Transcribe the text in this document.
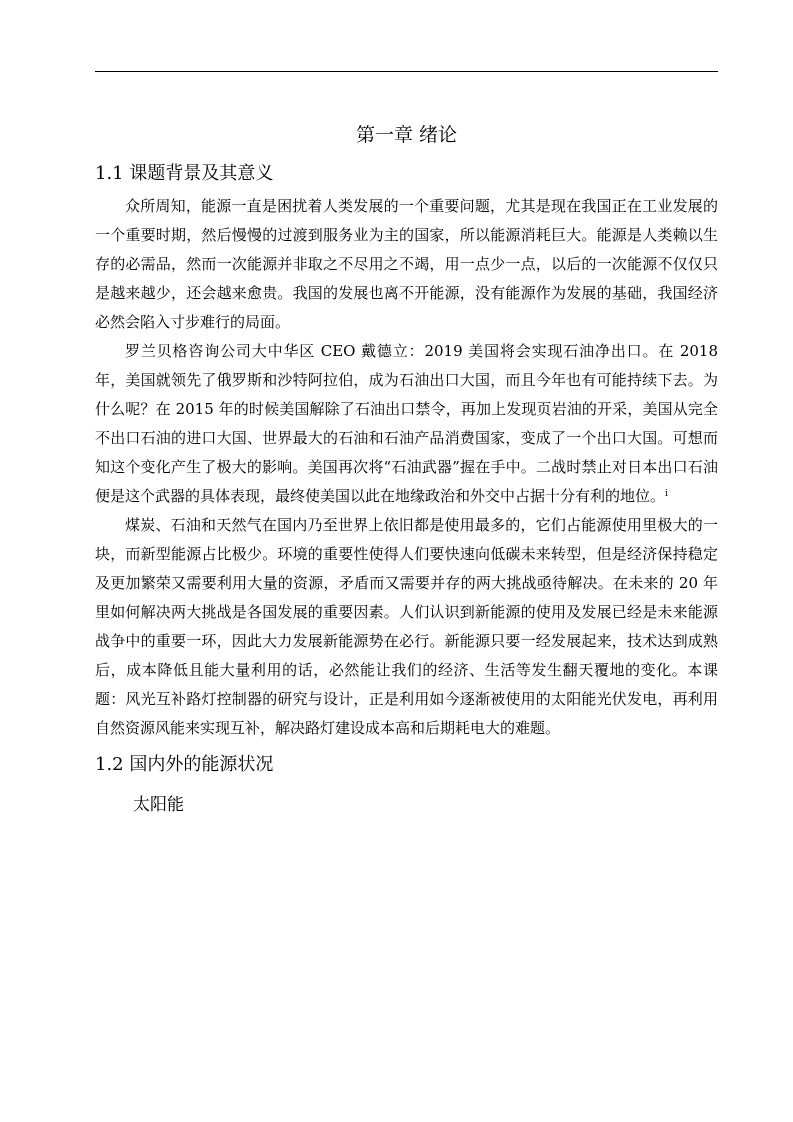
第一章 绪论
1.1 课题背景及其意义

众所周知，能源一直是困扰着人类发展的一个重要问题，尤其是现在我国正在工业发展的一个重要时期，然后慢慢的过渡到服务业为主的国家，所以能源消耗巨大。能源是人类赖以生存的必需品，然而一次能源并非取之不尽用之不竭，用一点少一点，以后的一次能源不仅仅只是越来越少，还会越来愈贵。我国的发展也离不开能源，没有能源作为发展的基础，我国经济必然会陷入寸步难行的局面。

罗兰贝格咨询公司大中华区 CEO 戴德立：2019 美国将会实现石油净出口。在 2018 年，美国就领先了俄罗斯和沙特阿拉伯，成为石油出口大国，而且今年也有可能持续下去。为什么呢？在 2015 年的时候美国解除了石油出口禁令，再加上发现页岩油的开采，美国从完全不出口石油的进口大国、世界最大的石油和石油产品消费国家，变成了一个出口大国。可想而知这个变化产生了极大的影响。美国再次将“石油武器”握在手中。二战时禁止对日本出口石油便是这个武器的具体表现，最终使美国以此在地缘政治和外交中占据十分有利的地位。$^i$

煤炭、石油和天然气在国内乃至世界上依旧都是使用最多的，它们占能源使用里极大的一块，而新型能源占比极少。环境的重要性使得人们要快速向低碳未来转型，但是经济保持稳定及更加繁荣又需要利用大量的资源，矛盾而又需要并存的两大挑战亟待解决。在未来的 20 年里如何解决两大挑战是各国发展的重要因素。人们认识到新能源的使用及发展已经是未来能源战争中的重要一环，因此大力发展新能源势在必行。新能源只要一经发展起来，技术达到成熟后，成本降低且能大量利用的话，必然能让我们的经济、生活等发生翻天覆地的变化。本课题：风光互补路灯控制器的研究与设计，正是利用如今逐渐被使用的太阳能光伏发电，再利用自然资源风能来实现互补，解决路灯建设成本高和后期耗电大的难题。

1.2 国内外的能源状况
太阳能
